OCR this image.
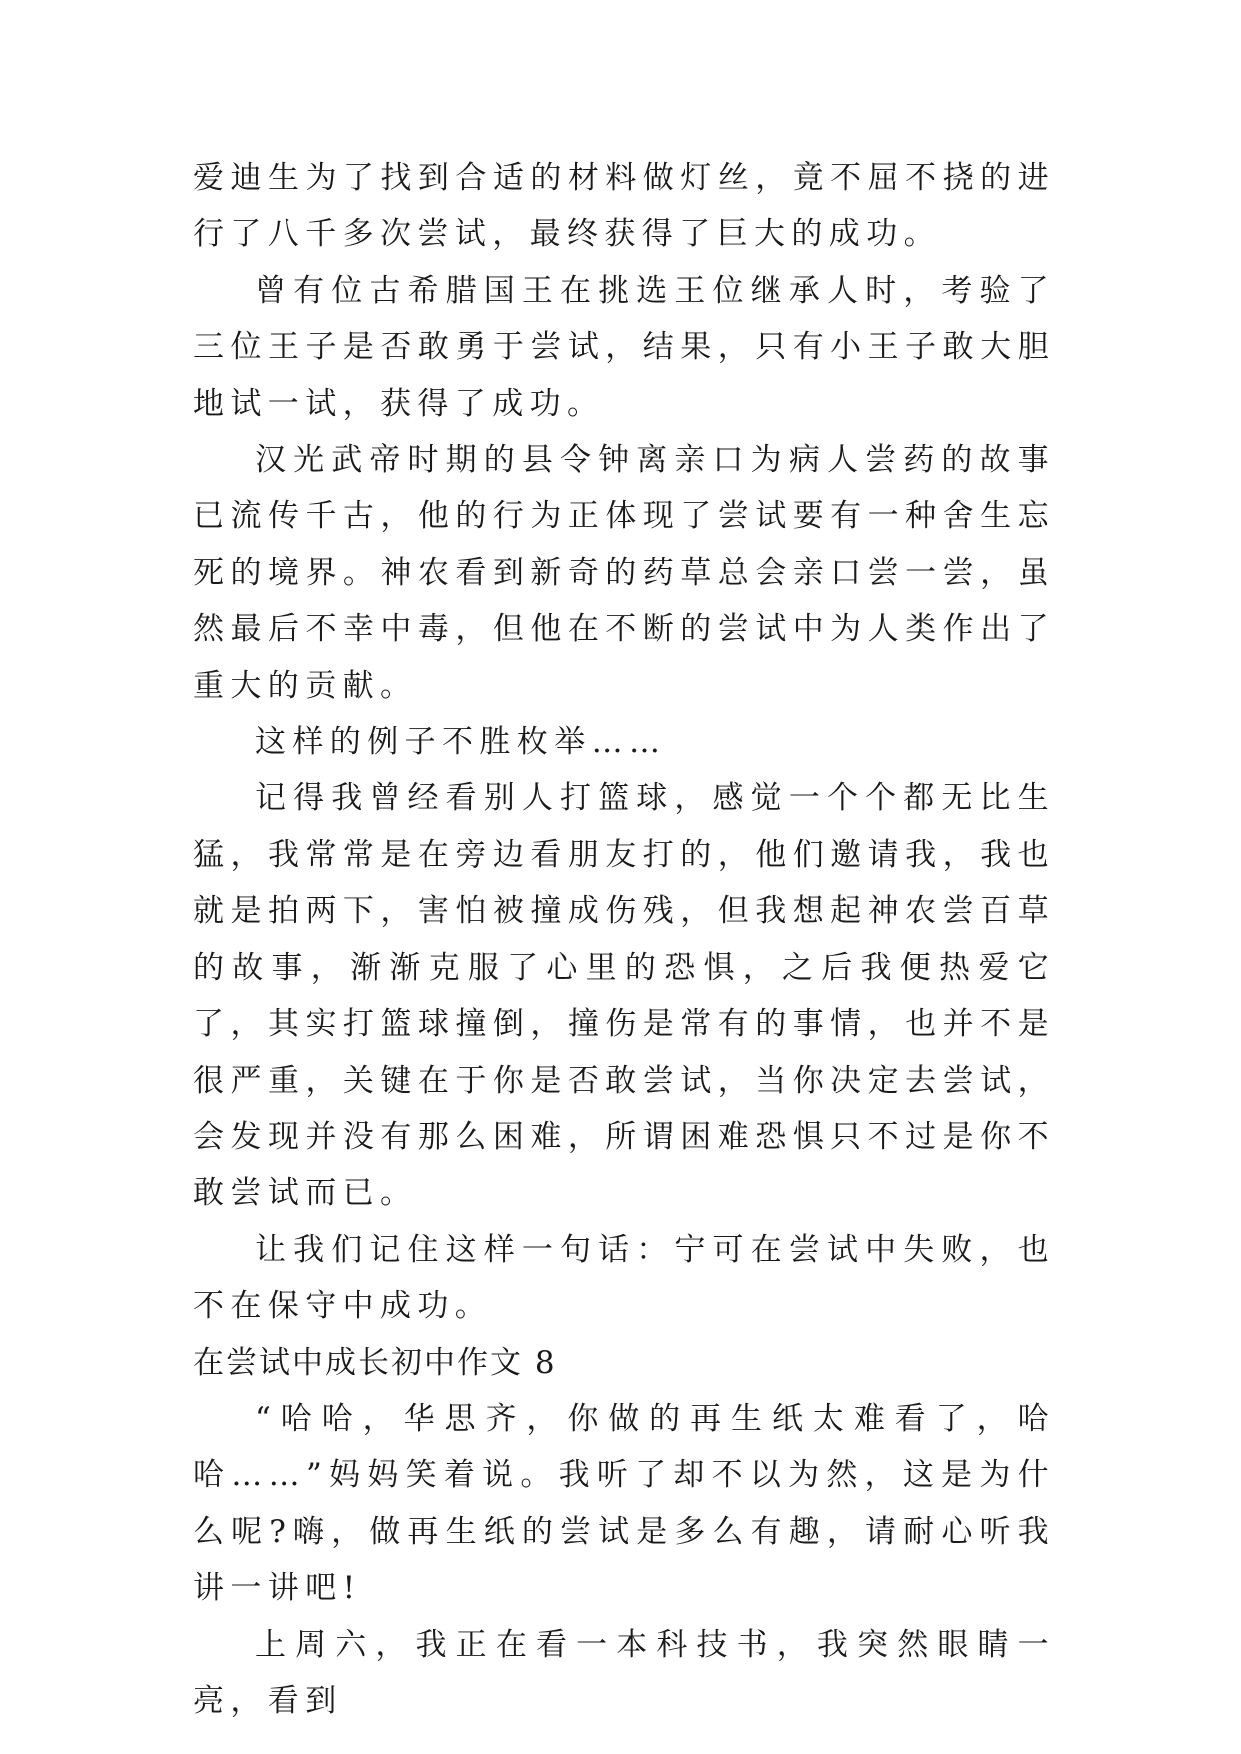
爱迪生为了找到合适的材料做灯丝，竟不屈不挠的进行了八千多次尝试，最终获得了巨大的成功。

曾有位古希腊国王在挑选王位继承人时，考验了三位王子是否敢勇于尝试，结果，只有小王子敢大胆地试一试，获得了成功。

汉光武帝时期的县令钟离亲口为病人尝药的故事已流传千古，他的行为正体现了尝试要有一种舍生忘死的境界。神农看到新奇的药草总会亲口尝一尝，虽然最后不幸中毒，但他在不断的尝试中为人类作出了重大的贡献。

这样的例子不胜枚举……

记得我曾经看别人打篮球，感觉一个个都无比生猛，我常常是在旁边看朋友打的，他们邀请我，我也就是拍两下，害怕被撞成伤残，但我想起神农尝百草的故事，渐渐克服了心里的恐惧，之后我便热爱它了，其实打篮球撞倒，撞伤是常有的事情，也并不是很严重，关键在于你是否敢尝试，当你决定去尝试，会发现并没有那么困难，所谓困难恐惧只不过是你不敢尝试而已。

让我们记住这样一句话：宁可在尝试中失败，也不在保守中成功。

在尝试中成长初中作文 8

“哈哈，华思齐，你做的再生纸太难看了，哈哈……”妈妈笑着说。我听了却不以为然，这是为什么呢?嗨，做再生纸的尝试是多么有趣，请耐心听我讲一讲吧!

上周六，我正在看一本科技书，我突然眼睛一亮，看到
